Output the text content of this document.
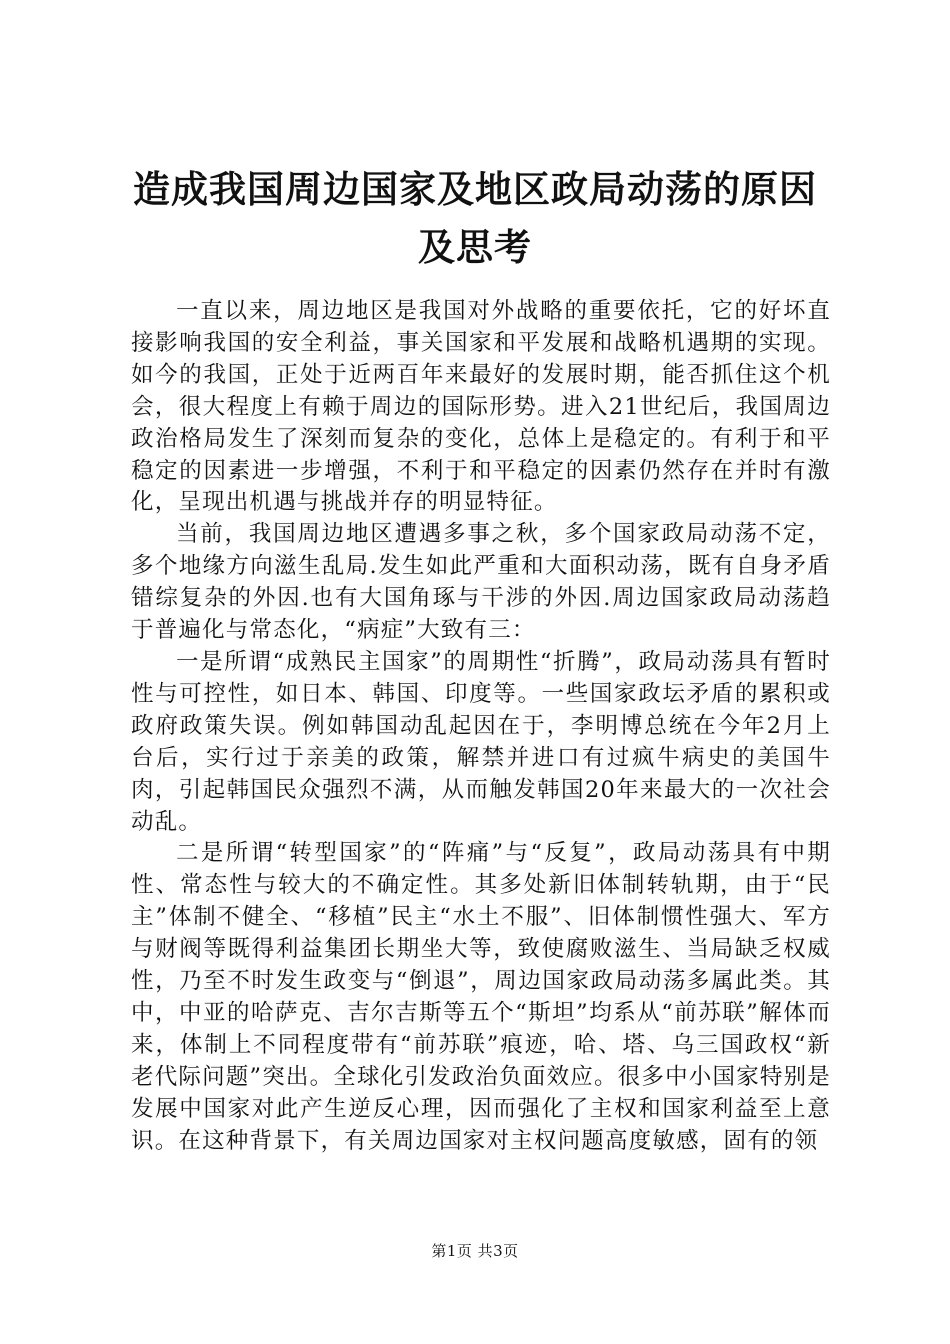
造成我国周边国家及地区政局动荡的原因及思考

一直以来，周边地区是我国对外战略的重要依托，它的好坏直接影响我国的安全利益，事关国家和平发展和战略机遇期的实现。如今的我国，正处于近两百年来最好的发展时期，能否抓住这个机会，很大程度上有赖于周边的国际形势。进入21世纪后，我国周边政治格局发生了深刻而复杂的变化，总体上是稳定的。有利于和平稳定的因素进一步增强，不利于和平稳定的因素仍然存在并时有激化，呈现出机遇与挑战并存的明显特征。

当前，我国周边地区遭遇多事之秋，多个国家政局动荡不定，多个地缘方向滋生乱局.发生如此严重和大面积动荡，既有自身矛盾错综复杂的外因.也有大国角琢与干涉的外因.周边国家政局动荡趋于普遍化与常态化，“病症”大致有三：

一是所谓“成熟民主国家”的周期性“折腾”，政局动荡具有暂时性与可控性，如日本、韩国、印度等。一些国家政坛矛盾的累积或政府政策失误。例如韩国动乱起因在于，李明博总统在今年2月上台后，实行过于亲美的政策，解禁并进口有过疯牛病史的美国牛肉，引起韩国民众强烈不满，从而触发韩国20年来最大的一次社会动乱。

二是所谓“转型国家”的“阵痛”与“反复”，政局动荡具有中期性、常态性与较大的不确定性。其多处新旧体制转轨期，由于“民主”体制不健全、“移植”民主“水土不服”、旧体制惯性强大、军方与财阀等既得利益集团长期坐大等，致使腐败滋生、当局缺乏权威性，乃至不时发生政变与“倒退”，周边国家政局动荡多属此类。其中，中亚的哈萨克、吉尔吉斯等五个“斯坦”均系从“前苏联”解体而来，体制上不同程度带有“前苏联”痕迹，哈、塔、乌三国政权“新老代际问题”突出。全球化引发政治负面效应。很多中小国家特别是发展中国家对此产生逆反心理，因而强化了主权和国家利益至上意识。在这种背景下，有关周边国家对主权问题高度敏感，固有的领

第1页 共3页
